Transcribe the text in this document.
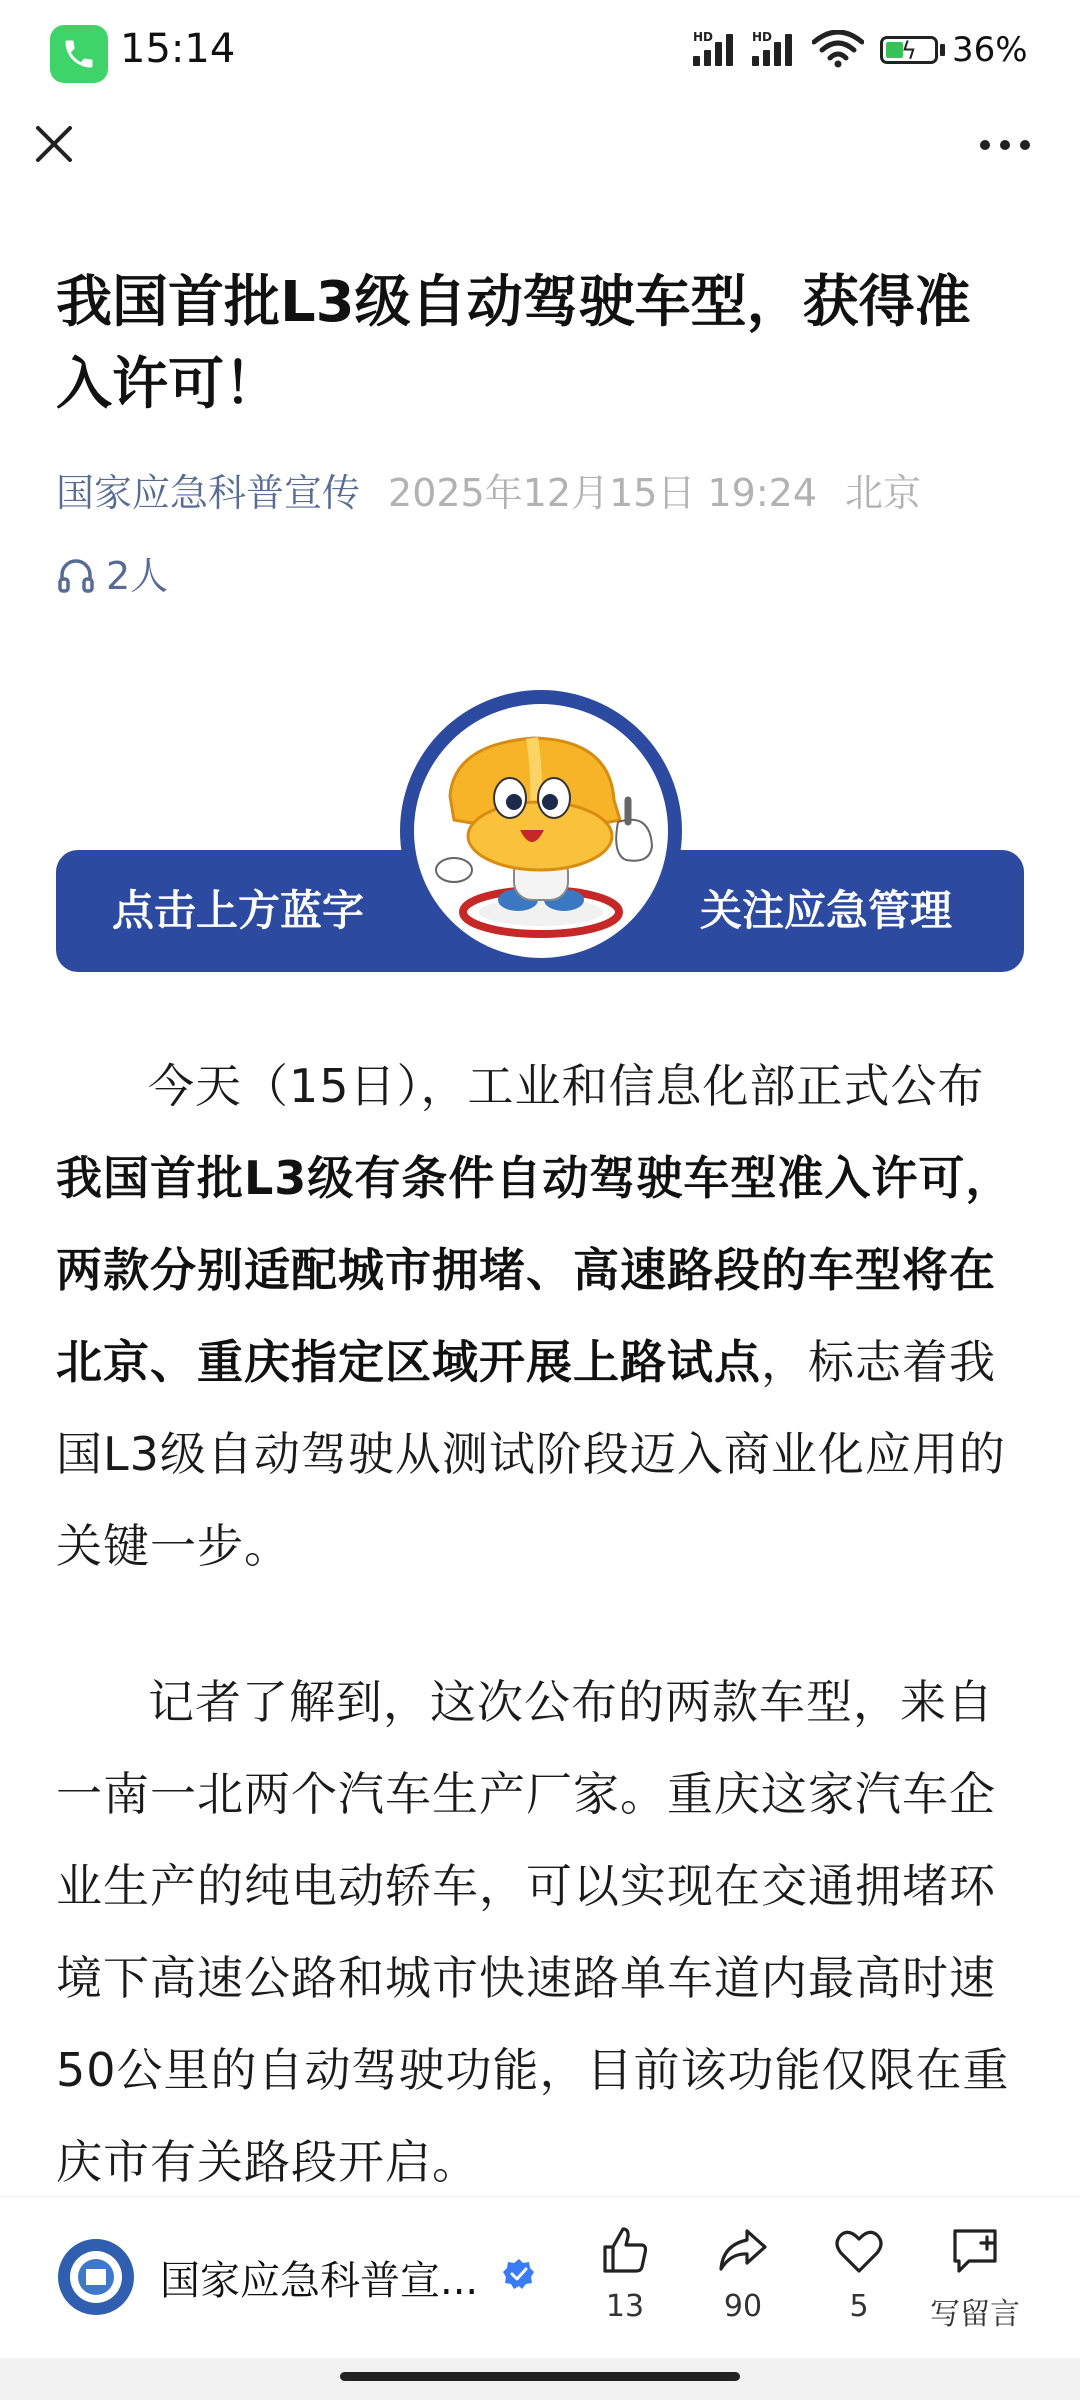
15:14	HD	HD	ϟ 36%
我国首批L3级自动驾驶车型，获得准入许可！
国家应急科普宣传 2025年12月15日 19:24 北京
2人
点击上方蓝字	关注应急管理

今天（15日），工业和信息化部正式公布我国首批L3级有条件自动驾驶车型准入许可，两款分别适配城市拥堵、高速路段的车型将在北京、重庆指定区域开展上路试点，标志着我国L3级自动驾驶从测试阶段迈入商业化应用的关键一步。

记者了解到，这次公布的两款车型，来自一南一北两个汽车生产厂家。重庆这家汽车企业生产的纯电动轿车，可以实现在交通拥堵环境下高速公路和城市快速路单车道内最高时速50公里的自动驾驶功能，目前该功能仅限在重庆市有关路段开启。

国家应急科普宣...
13	90	5	写留言
